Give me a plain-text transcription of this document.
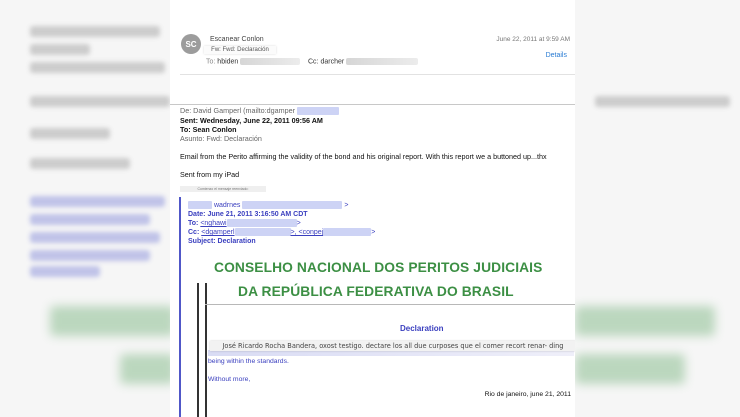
SC	Escanear Conlon
Fw: Fwd: Declaración
June 22, 2011 at 9:59 AM
Details
To: hbiden	Cc: darcher
De: David Gamperl (mailto:dgamper
Sent: Wednesday, June 22, 2011 09:56 AM
To: Sean Conlon
Asunto: Fwd: Declaración
Email from the Perito affirming the validity of the bond and his original report. With this report we a buttoned up...thx
Sent from my iPad
Comienzo el mensaje reenviado:
wadrnes	>
Date: June 21, 2011 3:16:50 AM CDT
To: <nghawi	>
Cc: <dgamperl	>, <conpej	>
Subject: Declaration
CONSELHO NACIONAL DOS PERITOS JUDICIAIS
DA REPÚBLICA FEDERATIVA DO BRASIL
Declaration
José Ricardo Rocha Bandera, oxost testigo. dectare los all due curposes que el comer recort renar- ding
being within the standards.
Without more,
Rio de janeiro, june 21, 2011
